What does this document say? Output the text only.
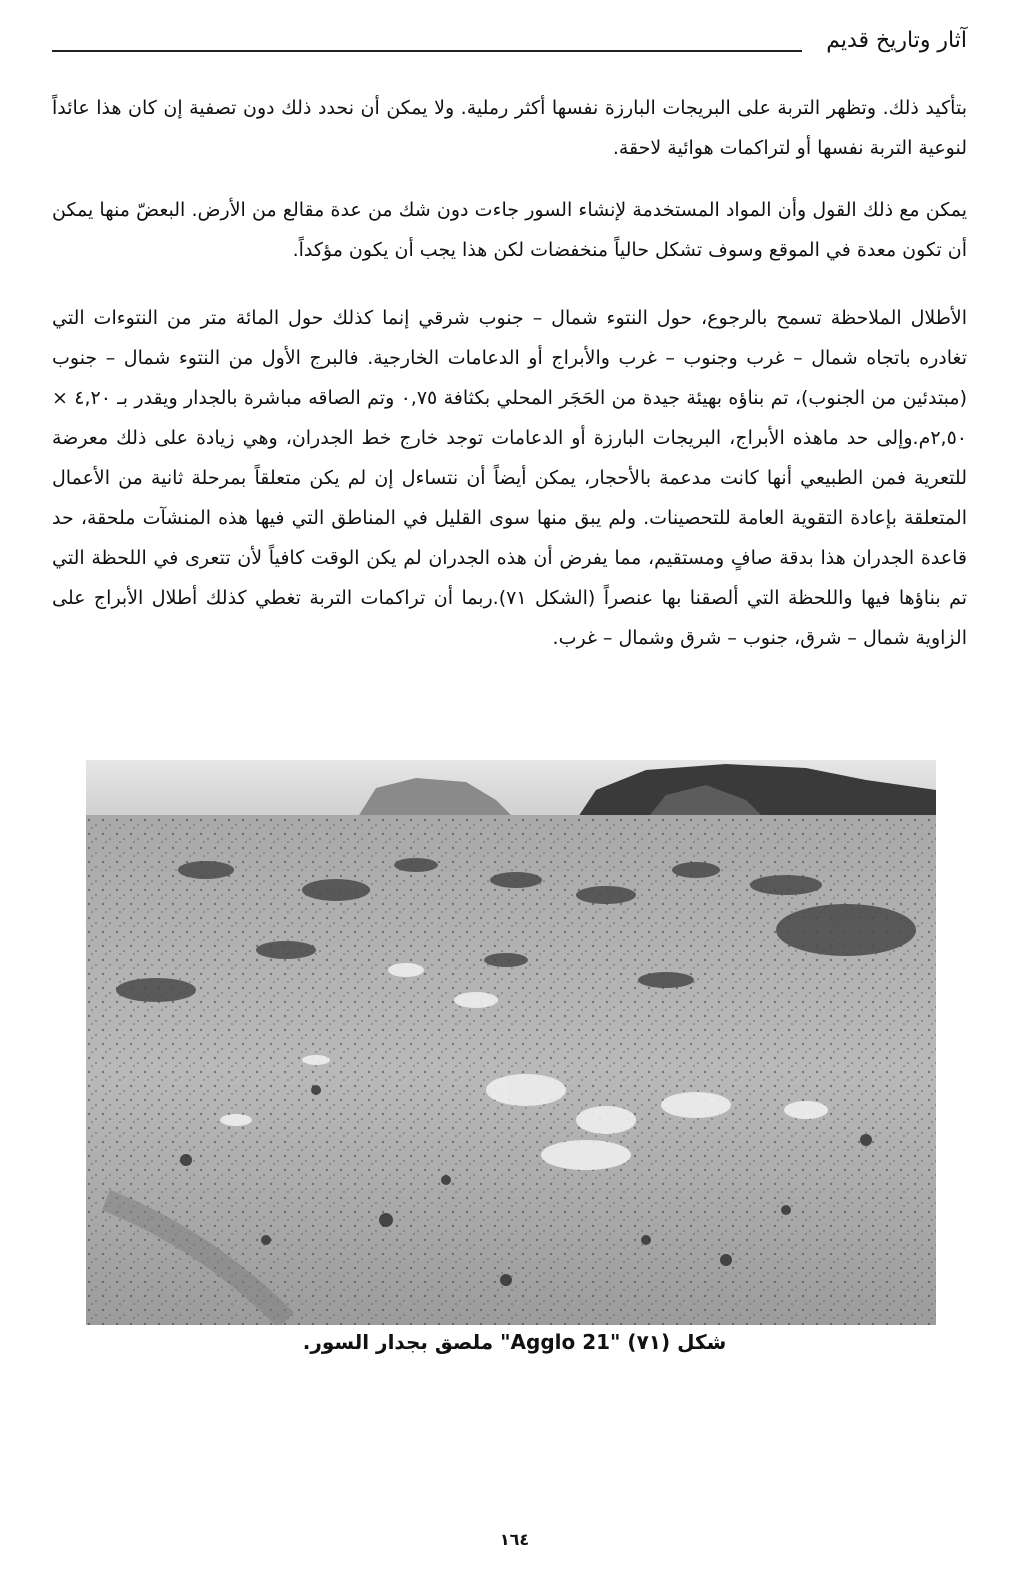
آثار وتاريخ قديم

بتأكيد ذلك. وتظهر التربة على البريجات البارزة نفسها أكثر رملية. ولا يمكن أن نحدد ذلك دون تصفية إن كان هذا عائداً لنوعية التربة نفسها أو لتراكمات هوائية لاحقة.

يمكن مع ذلك القول وأن المواد المستخدمة لإنشاء السور جاءت دون شك من عدة مقالع من الأرض. البعضّ منها يمكن أن تكون معدة في الموقع وسوف تشكل حالياً منخفضات لكن هذا يجب أن يكون مؤكداً.

الأطلال الملاحظة تسمح بالرجوع، حول النتوء شمال – جنوب شرقي إنما كذلك حول المائة متر من النتوءات التي تغادره باتجاه شمال – غرب وجنوب – غرب والأبراج أو الدعامات الخارجية. فالبرج الأول من النتوء شمال – جنوب (مبتدئين من الجنوب)، تم بناؤه بهيئة جيدة من الحَجَر المحلي بكثافة ٠,٧٥ وتم الصاقه مباشرة بالجدار ويقدر بـ ٤,٢٠ × ٢,٥٠م.وإلى حد ماهذه الأبراج، البريجات البارزة أو الدعامات توجد خارج خط الجدران، وهي زيادة على ذلك معرضة للتعرية فمن الطبيعي أنها كانت مدعمة بالأحجار، يمكن أيضاً أن نتساءل إن لم يكن متعلقاً بمرحلة ثانية من الأعمال المتعلقة بإعادة التقوية العامة للتحصينات. ولم يبق منها سوى القليل في المناطق التي فيها هذه المنشآت ملحقة، حد قاعدة الجدران هذا بدقة صافٍ ومستقيم، مما يفرض أن هذه الجدران لم يكن الوقت كافياً لأن تتعرى في اللحظة التي تم بناؤها فيها واللحظة التي ألصقنا بها عنصراً (الشكل ٧١).ربما أن تراكمات التربة تغطي كذلك أطلال الأبراج على الزاوية شمال – شرق، جنوب – شرق وشمال – غرب.

شكل (٧١) "Agglo 21" ملصق بجدار السور.
١٦٤
